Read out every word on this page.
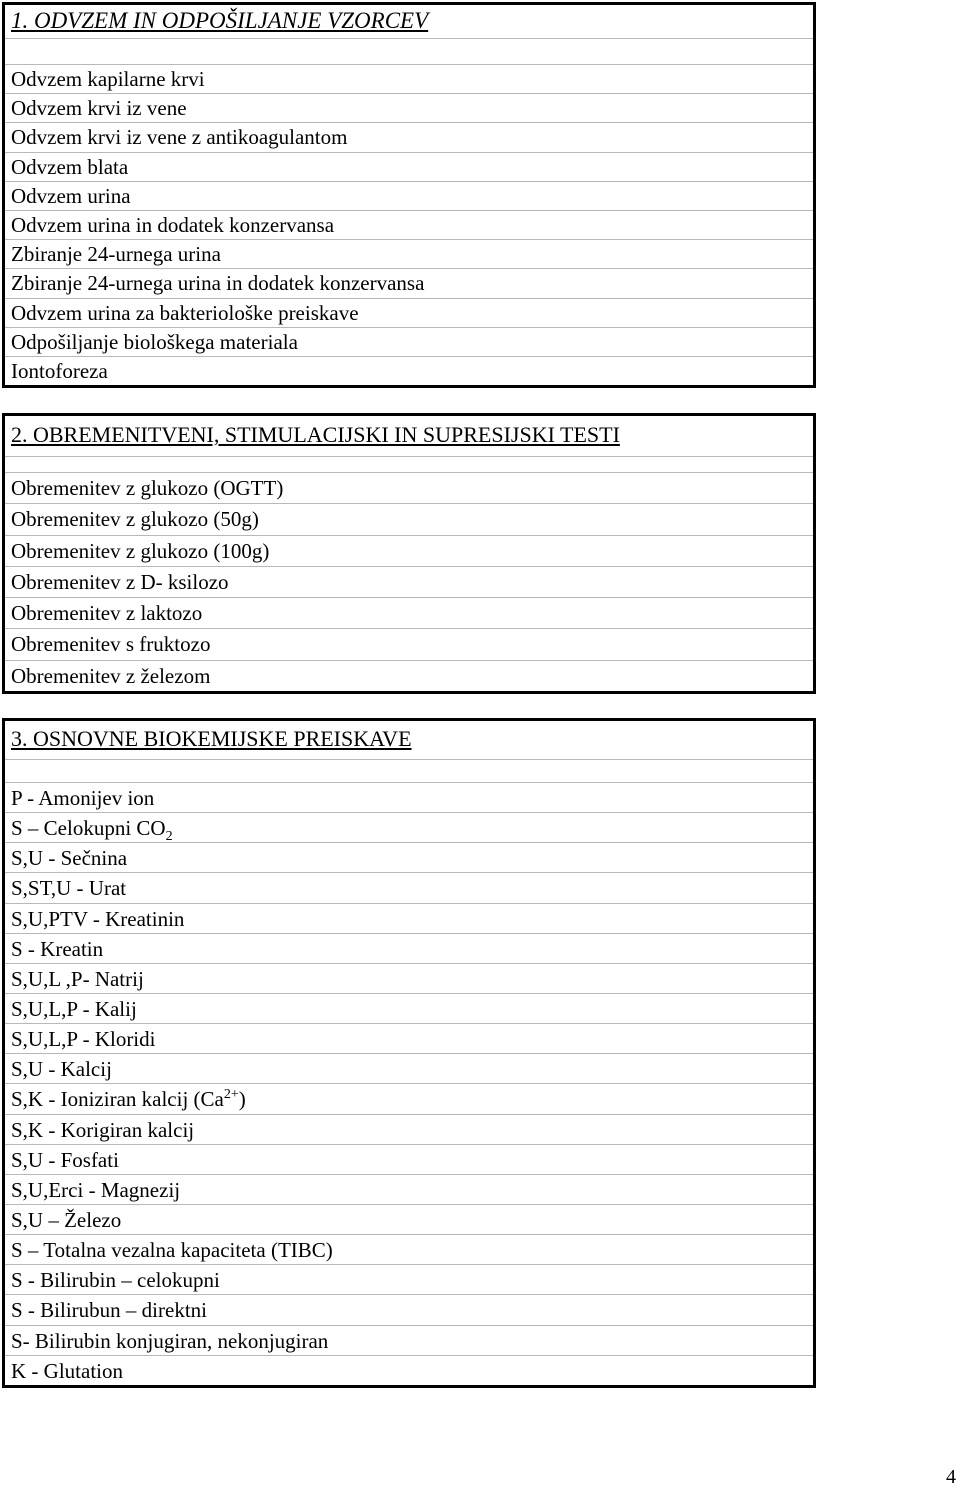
1. ODVZEM IN ODPOŠILJANJE VZORCEV
Odvzem kapilarne krvi
Odvzem krvi iz vene
Odvzem krvi iz vene z antikoagulantom
Odvzem blata
Odvzem urina
Odvzem urina in dodatek konzervansa
Zbiranje 24-urnega urina
Zbiranje 24-urnega urina in dodatek konzervansa
Odvzem urina za bakteriološke preiskave
Odpošiljanje biološkega materiala
Iontoforeza
2. OBREMENITVENI, STIMULACIJSKI IN SUPRESIJSKI TESTI
Obremenitev z glukozo (OGTT)
Obremenitev z glukozo (50g)
Obremenitev z glukozo (100g)
Obremenitev z D- ksilozo
Obremenitev z laktozo
Obremenitev s fruktozo
Obremenitev z železom
3. OSNOVNE BIOKEMIJSKE PREISKAVE
P - Amonijev ion
S – Celokupni $CO_2$
S,U - Sečnina
S,ST,U - Urat
S,U,PTV - Kreatinin
S - Kreatin
S,U,L ,P- Natrij
S,U,L,P - Kalij
S,U,L,P - Kloridi
S,U - Kalcij
S,K - Ioniziran kalcij $(Ca^{2+})$
S,K - Korigiran kalcij
S,U - Fosfati
S,U,Erci - Magnezij
S,U – Železo
S – Totalna vezalna kapaciteta (TIBC)
S - Bilirubin – celokupni
S - Bilirubun – direktni
S- Bilirubin konjugiran, nekonjugiran
K - Glutation
4
